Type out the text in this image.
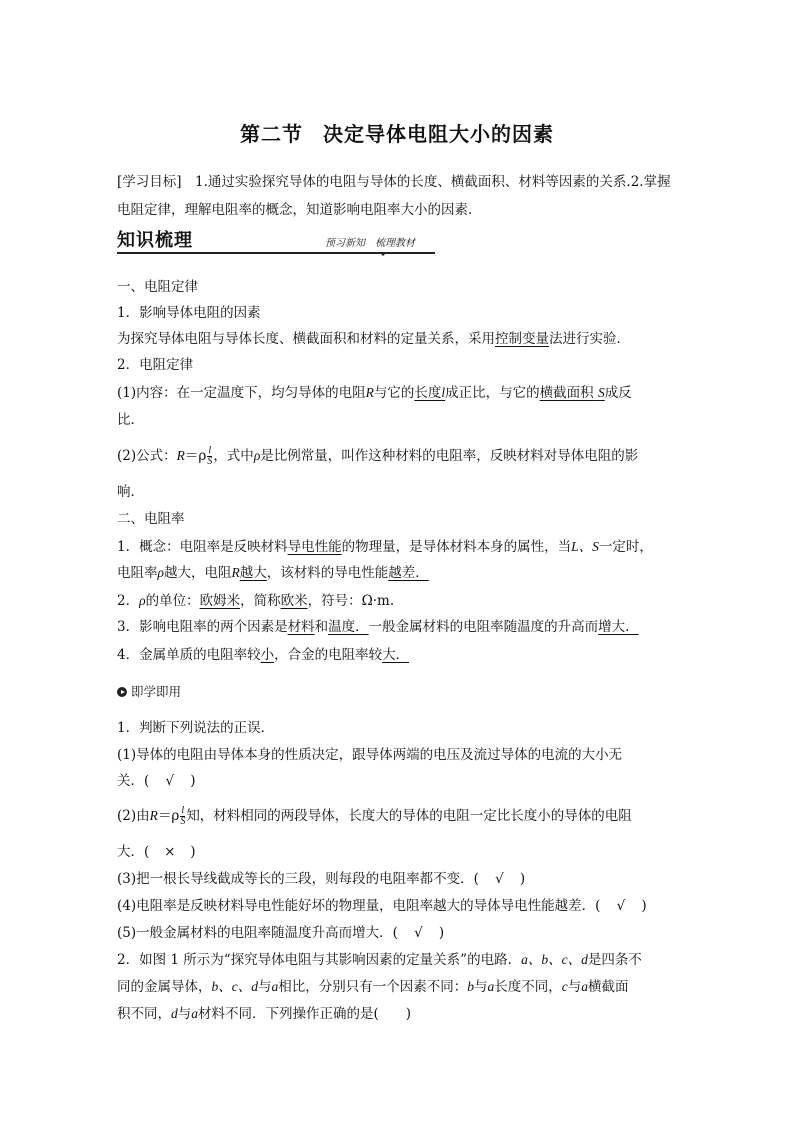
第二节 决定导体电阻大小的因素
[学习目标]　 1.通过实验探究导体的电阻与导体的长度、横截面积、材料等因素的关系.2.掌握
电阻定律，理解电阻率的概念，知道影响电阻率大小的因素.
知识梳理	预习新知　梳理教材
一、电阻定律
1．影响导体电阻的因素
为探究导体电阻与导体长度、横截面积和材料的定量关系，采用控制变量法进行实验．
2．电阻定律
(1)内容：在一定温度下，均匀导体的电阻R与它的长度l成正比，与它的横截面积 S成反
比．
(2)公式：$R=\rho \frac{l}{S}$ ，式中ρ是比例常量，叫作这种材料的电阻率，反映材料对导体电阻的影
响．
二、电阻率
1．概念：电阻率是反映材料导电性能的物理量，是导体材料本身的属性，当L、S一定时，
电阻率ρ越大，电阻R越大，该材料的导电性能越差．
2．ρ的单位：欧姆米，简称欧米，符号：Ω·m.
3．影响电阻率的两个因素是材料和温度．一般金属材料的电阻率随温度的升高而增大．
4．金属单质的电阻率较小，合金的电阻率较大．
即学即用
1．判断下列说法的正误．
(1)导体的电阻由导体本身的性质决定，跟导体两端的电压及流过导体的电流的大小无
关．(　 √　 )
(2)由$R=\rho \frac{l}{S}$ 知，材料相同的两段导体，长度大的导体的电阻一定比长度小的导体的电阻
大．(　 ×　 )
(3)把一根长导线截成等长的三段，则每段的电阻率都不变．(　 √　 )
(4)电阻率是反映材料导电性能好坏的物理量，电阻率越大的导体导电性能越差．(　 √　 )
(5)一般金属材料的电阻率随温度升高而增大．(　 √　 )
2．如图 1 所示为“探究导体电阻与其影响因素的定量关系”的电路．a、b、c、d是四条不
同的金属导体，b、c、d与a相比，分别只有一个因素不同：b与a长度不同，c与a横截面
积不同，d与a材料不同．下列操作正确的是(　　)
